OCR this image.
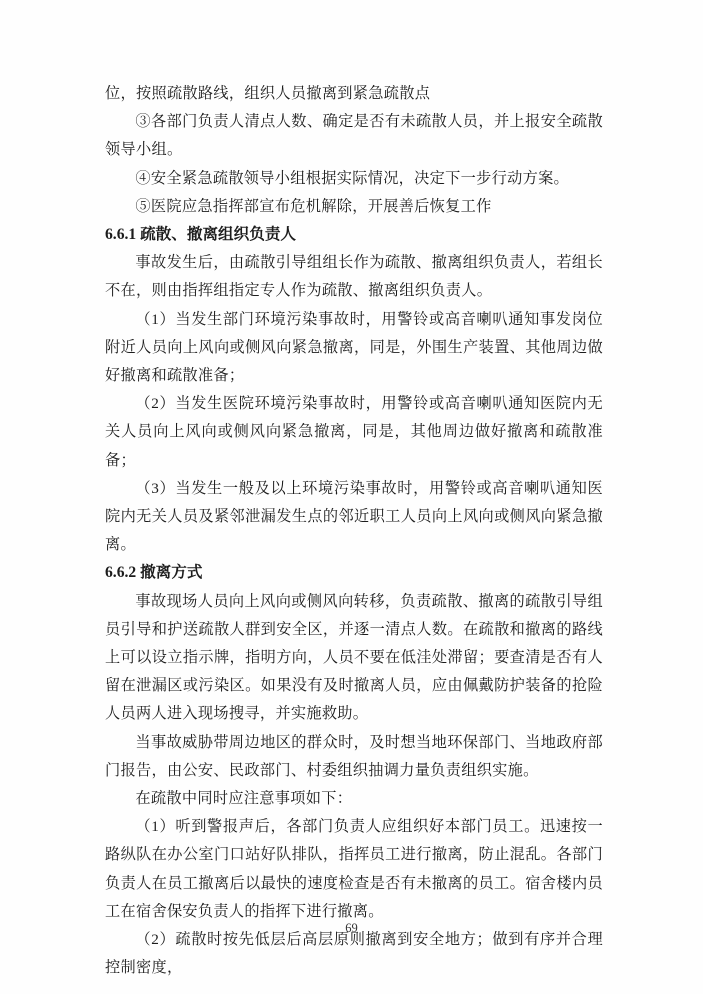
位，按照疏散路线，组织人员撤离到紧急疏散点

③各部门负责人清点人数、确定是否有未疏散人员，并上报安全疏散领导小组。

④安全紧急疏散领导小组根据实际情况，决定下一步行动方案。

⑤医院应急指挥部宣布危机解除，开展善后恢复工作

6.6.1 疏散、撤离组织负责人

事故发生后，由疏散引导组组长作为疏散、撤离组织负责人，若组长不在，则由指挥组指定专人作为疏散、撤离组织负责人。

（1）当发生部门环境污染事故时，用警铃或高音喇叭通知事发岗位附近人员向上风向或侧风向紧急撤离，同是，外围生产装置、其他周边做好撤离和疏散准备；

（2）当发生医院环境污染事故时，用警铃或高音喇叭通知医院内无关人员向上风向或侧风向紧急撤离，同是，其他周边做好撤离和疏散准备；

（3）当发生一般及以上环境污染事故时，用警铃或高音喇叭通知医院内无关人员及紧邻泄漏发生点的邻近职工人员向上风向或侧风向紧急撤离。

6.6.2 撤离方式

事故现场人员向上风向或侧风向转移，负责疏散、撤离的疏散引导组员引导和护送疏散人群到安全区，并逐一清点人数。在疏散和撤离的路线上可以设立指示牌，指明方向，人员不要在低洼处滞留；要查清是否有人留在泄漏区或污染区。如果没有及时撤离人员，应由佩戴防护装备的抢险人员两人进入现场搜寻，并实施救助。

当事故威胁带周边地区的群众时，及时想当地环保部门、当地政府部门报告，由公安、民政部门、村委组织抽调力量负责组织实施。

在疏散中同时应注意事项如下：

（1）听到警报声后，各部门负责人应组织好本部门员工。迅速按一路纵队在办公室门口站好队排队，指挥员工进行撤离，防止混乱。各部门负责人在员工撤离后以最快的速度检查是否有未撤离的员工。宿舍楼内员工在宿舍保安负责人的指挥下进行撤离。

（2）疏散时按先低层后高层原则撤离到安全地方；做到有序并合理控制密度，

69
